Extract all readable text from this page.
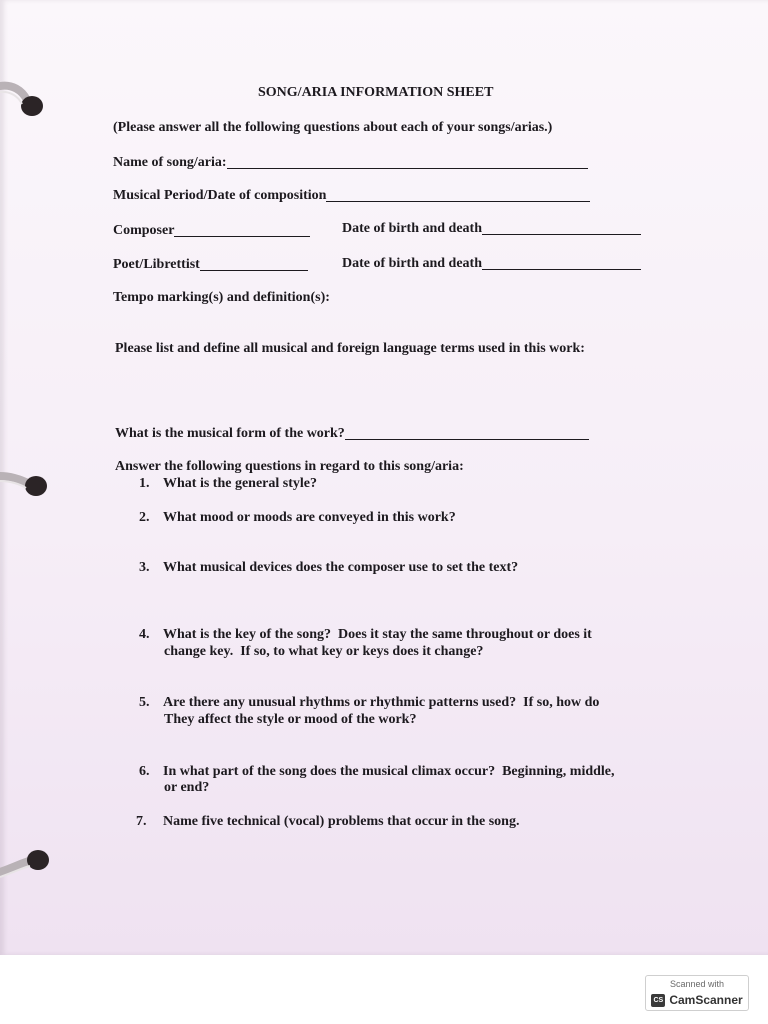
SONG/ARIA INFORMATION SHEET
(Please answer all the following questions about each of your songs/arias.)
Name of song/aria:
Musical Period/Date of composition
Composer	Date of birth and death
Poet/Librettist	Date of birth and death
Tempo marking(s) and definition(s):
Please list and define all musical and foreign language terms used in this work:
What is the musical form of the work?
Answer the following questions in regard to this song/aria:
1. What is the general style?
2. What mood or moods are conveyed in this work?
3. What musical devices does the composer use to set the text?
4. What is the key of the song?  Does it stay the same throughout or does it
change key.  If so, to what key or keys does it change?
5. Are there any unusual rhythms or rhythmic patterns used?  If so, how do
They affect the style or mood of the work?
6. In what part of the song does the musical climax occur?  Beginning, middle,
or end?
7. Name five technical (vocal) problems that occur in the song.
Scanned with
CS CamScanner
